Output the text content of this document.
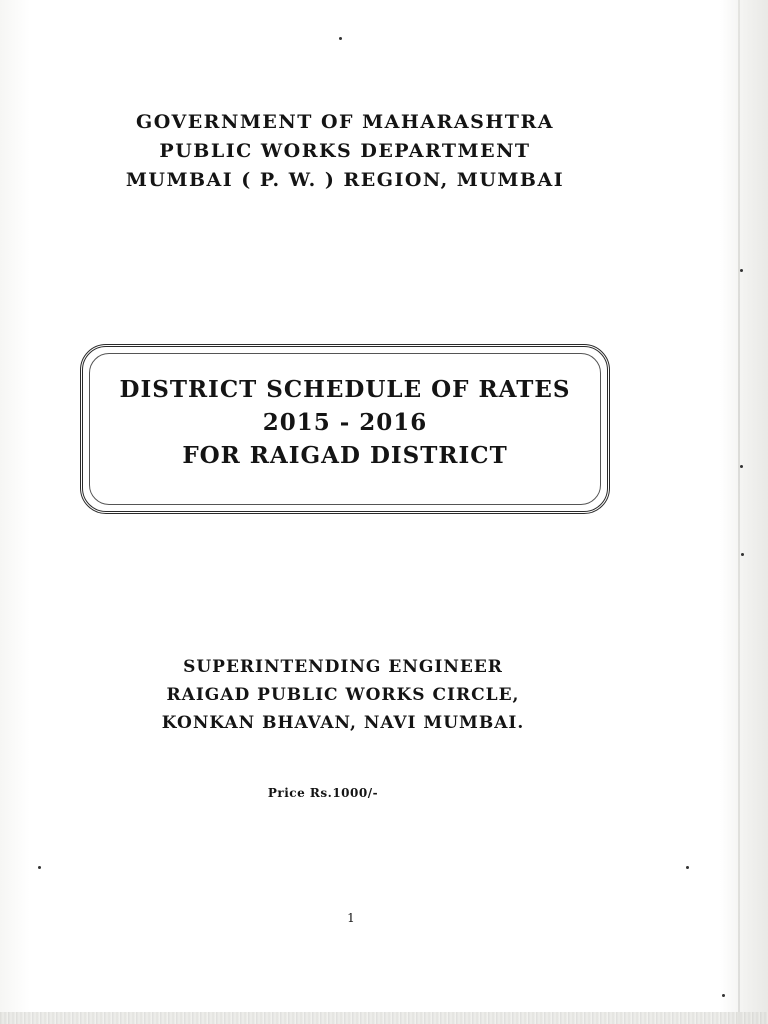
GOVERNMENT OF MAHARASHTRA
PUBLIC WORKS DEPARTMENT
MUMBAI ( P. W. ) REGION, MUMBAI
DISTRICT SCHEDULE OF RATES
2015 - 2016
FOR RAIGAD DISTRICT
SUPERINTENDING ENGINEER
RAIGAD PUBLIC WORKS CIRCLE,
KONKAN BHAVAN, NAVI MUMBAI.
Price Rs.1000/-
1
